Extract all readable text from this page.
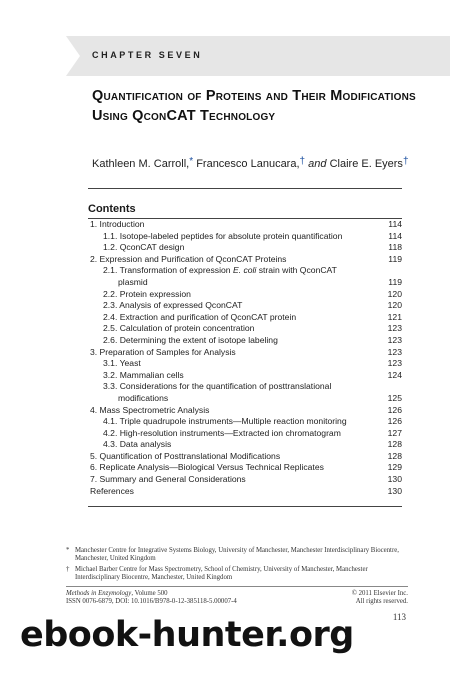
CHAPTER SEVEN
Quantification of Proteins and Their Modifications Using QconCAT Technology
Kathleen M. Carroll,* Francesco Lanucara,† and Claire E. Eyers†
Contents
1. Introduction	114
1.1. Isotope-labeled peptides for absolute protein quantification	114
1.2. QconCAT design	118
2. Expression and Purification of QconCAT Proteins	119
2.1. Transformation of expression E. coli strain with QconCAT
plasmid	119
2.2. Protein expression	120
2.3. Analysis of expressed QconCAT	120
2.4. Extraction and purification of QconCAT protein	121
2.5. Calculation of protein concentration	123
2.6. Determining the extent of isotope labeling	123
3. Preparation of Samples for Analysis	123
3.1. Yeast	123
3.2. Mammalian cells	124
3.3. Considerations for the quantification of posttranslational
modifications	125
4. Mass Spectrometric Analysis	126
4.1. Triple quadrupole instruments—Multiple reaction monitoring	126
4.2. High-resolution instruments—Extracted ion chromatogram	127
4.3. Data analysis	128
5. Quantification of Posttranslational Modifications	128
6. Replicate Analysis—Biological Versus Technical Replicates	129
7. Summary and General Considerations	130
References	130
* Manchester Centre for Integrative Systems Biology, University of Manchester, Manchester Interdisciplinary Biocentre, Manchester, United Kingdom
† Michael Barber Centre for Mass Spectrometry, School of Chemistry, University of Manchester, Manchester Interdisciplinary Biocentre, Manchester, United Kingdom
Methods in Enzymology, Volume 500	© 2011 Elsevier Inc.
ISSN 0076-6879, DOI: 10.1016/B978-0-12-385118-5.00007-4	All rights reserved.
113
ebook-hunter.org
